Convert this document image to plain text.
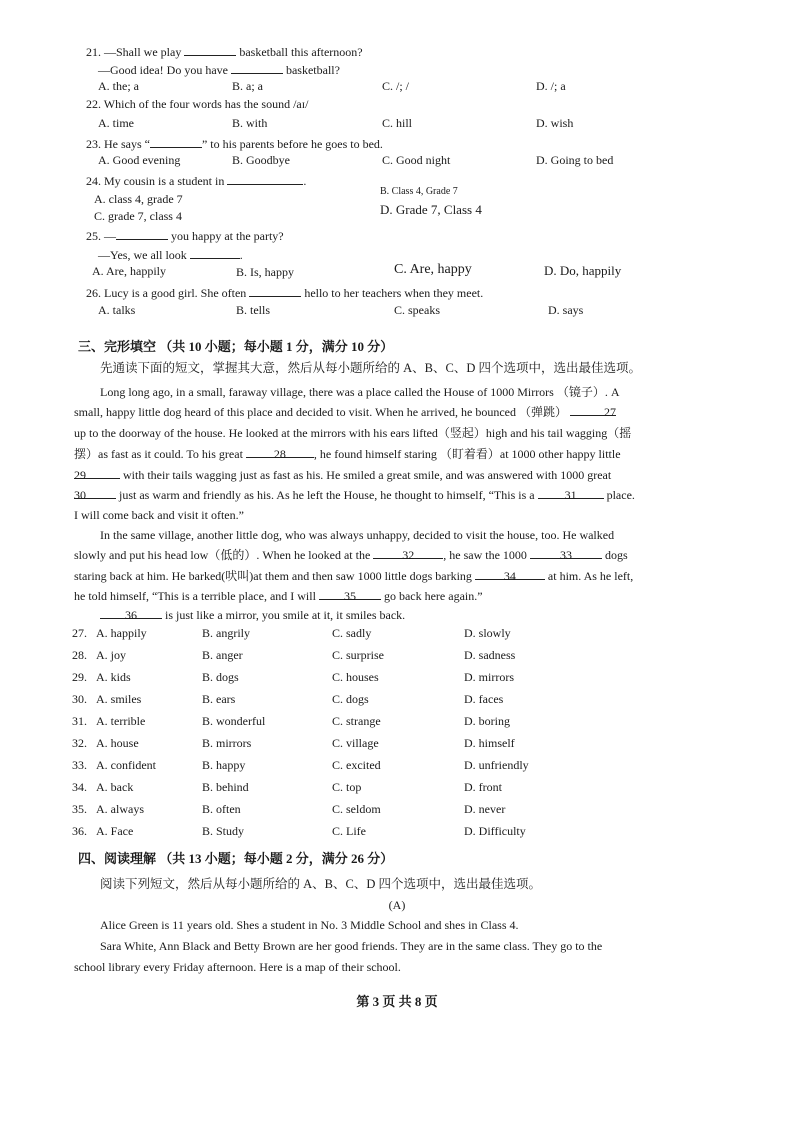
21. —Shall we play	basketball this afternoon?
—Good idea! Do you have	basketball?
A. the; a	B. a; a	C. /; /	D. /; a
22. Which of the four words has the sound /aɪ/
A. time	B. with	C. hill	D. wish
23. He says “	” to his parents before he goes to bed.
A. Good evening	B. Goodbye	C. Good night	D. Going to bed
24. My cousin is a student in	.
A. class 4, grade 7
B. Class 4, Grade 7
C. grade 7, class 4	D. Grade 7, Class 4
25. —	you happy at the party?
—Yes, we all look	.
A. Are, happily	B. Is, happy	C. Are, happy	D. Do, happily
26. Lucy is a good girl. She often	hello to her teachers when they meet.
A. talks	B. tells	C. speaks	D. says
三、完形填空 （共 10 小题；每小题 1 分，满分 10 分）
先通读下面的短文，掌握其大意，然后从每小题所给的 A、B、C、D 四个选项中，选出最佳选项。
Long long ago, in a small, faraway village, there was a place called the House of 1000 Mirrors （镜子）. A
small, happy little dog heard of this place and decided to visit. When he arrived, he bounced （弹跳）	27
up to the doorway of the house. He looked at the mirrors with his ears lifted（竖起）high and his tail wagging（摇
摆）as fast as it could. To his great	28 , he found himself staring （盯着看）at 1000 other happy little
29	with their tails wagging just as fast as his. He smiled a great smile, and was answered with 1000 great
30	just as warm and friendly as his. As he left the House, he thought to himself, “This is a	31	place.
I will come back and visit it often.”
In the same village, another little dog, who was always unhappy, decided to visit the house, too. He walked
slowly and put his head low（低的）. When he looked at the	32 , he saw the 1000	33	dogs
staring back at him. He barked(吠叫)at them and then saw 1000 little dogs barking	34	at him. As he left,
he told himself, “This is a terrible place, and I will 35 go back here again.”
36 is just like a mirror, you smile at it, it smiles back.
27. A. happily	B. angrily	C. sadly	D. slowly
28. A. joy	B. anger	C. surprise	D. sadness
29. A. kids	B. dogs	C. houses	D. mirrors
30. A. smiles	B. ears	C. dogs	D. faces
31. A. terrible	B. wonderful	C. strange	D. boring
32. A. house	B. mirrors	C. village	D. himself
33. A. confident	B. happy	C. excited	D. unfriendly
34. A. back	B. behind	C. top	D. front
35. A. always	B. often	C. seldom	D. never
36. A. Face	B. Study	C. Life	D. Difficulty
四、阅读理解 （共 13 小题；每小题 2 分，满分 26 分）
阅读下列短文，然后从每小题所给的 A、B、C、D 四个选项中，选出最佳选项。
(A)
Alice Green is 11 years old. Shes a student in No. 3 Middle School and shes in Class 4.
Sara White, Ann Black and Betty Brown are her good friends. They are in the same class. They go to the
school library every Friday afternoon. Here is a map of their school.
第 3 页 共 8 页
